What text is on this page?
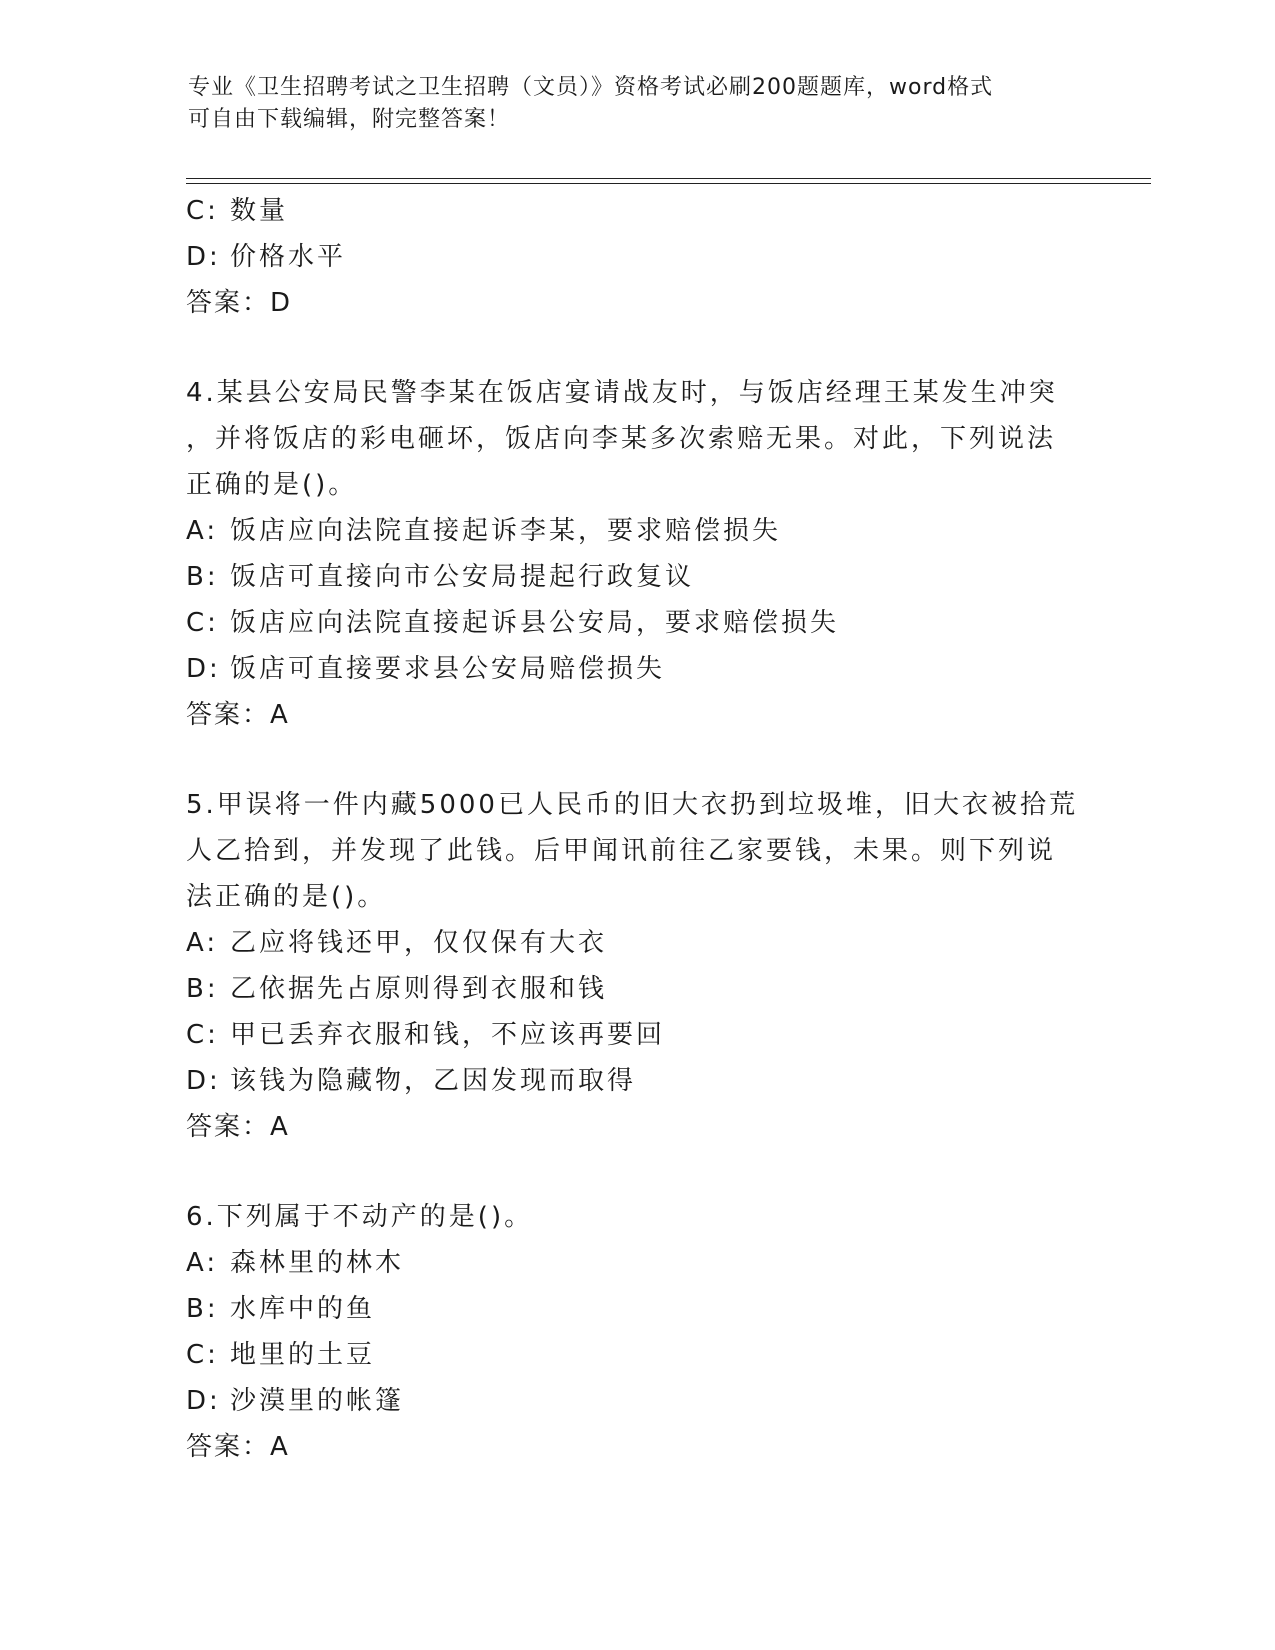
专业《卫生招聘考试之卫生招聘（文员）》资格考试必刷200题题库，word格式
可自由下载编辑，附完整答案！
C: 数量
D: 价格水平
答案：D
4.某县公安局民警李某在饭店宴请战友时，与饭店经理王某发生冲突
，并将饭店的彩电砸坏，饭店向李某多次索赔无果。对此，下列说法
正确的是()。
A: 饭店应向法院直接起诉李某，要求赔偿损失
B: 饭店可直接向市公安局提起行政复议
C: 饭店应向法院直接起诉县公安局，要求赔偿损失
D: 饭店可直接要求县公安局赔偿损失
答案：A
5.甲误将一件内藏5000已人民币的旧大衣扔到垃圾堆，旧大衣被拾荒
人乙拾到，并发现了此钱。后甲闻讯前往乙家要钱，未果。则下列说
法正确的是()。
A: 乙应将钱还甲，仅仅保有大衣
B: 乙依据先占原则得到衣服和钱
C: 甲已丢弃衣服和钱，不应该再要回
D: 该钱为隐藏物，乙因发现而取得
答案：A
6.下列属于不动产的是()。
A: 森林里的林木
B: 水库中的鱼
C: 地里的土豆
D: 沙漠里的帐篷
答案：A
